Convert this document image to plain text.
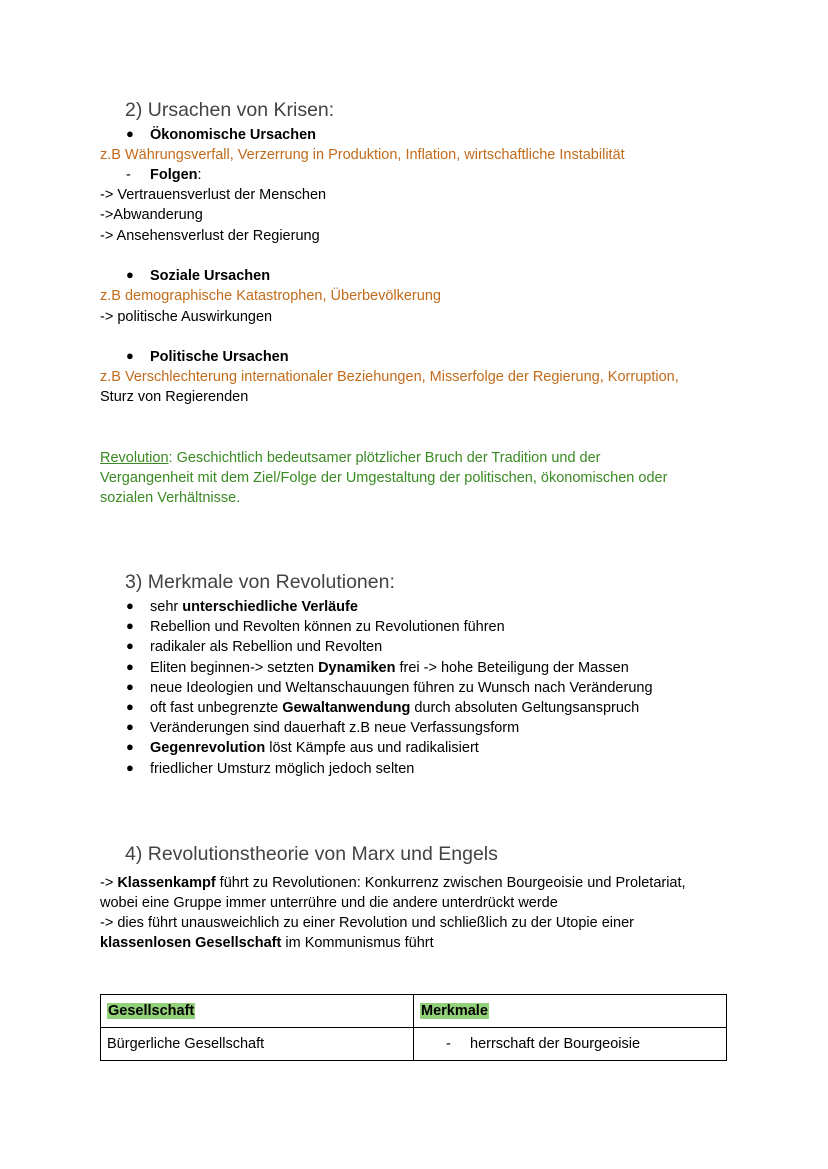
2) Ursachen von Krisen:
● Ökonomische Ursachen
z.B Währungsverfall, Verzerrung in Produktion, Inflation, wirtschaftliche Instabilität
- Folgen:
-> Vertrauensverlust der Menschen
->Abwanderung
-> Ansehensverlust der Regierung
● Soziale Ursachen
z.B demographische Katastrophen, Überbevölkerung
-> politische Auswirkungen
● Politische Ursachen
z.B Verschlechterung internationaler Beziehungen, Misserfolge der Regierung, Korruption,
Sturz von Regierenden
Revolution: Geschichtlich bedeutsamer plötzlicher Bruch der Tradition und der
Vergangenheit mit dem Ziel/Folge der Umgestaltung der politischen, ökonomischen oder
sozialen Verhältnisse.
3) Merkmale von Revolutionen:
● sehr unterschiedliche Verläufe
● Rebellion und Revolten können zu Revolutionen führen
● radikaler als Rebellion und Revolten
● Eliten beginnen-> setzten Dynamiken frei -> hohe Beteiligung der Massen
● neue Ideologien und Weltanschauungen führen zu Wunsch nach Veränderung
● oft fast unbegrenzte Gewaltanwendung durch absoluten Geltungsanspruch
● Veränderungen sind dauerhaft z.B neue Verfassungsform
● Gegenrevolution löst Kämpfe aus und radikalisiert
● friedlicher Umsturz möglich jedoch selten
4) Revolutionstheorie von Marx und Engels
-> Klassenkampf führt zu Revolutionen: Konkurrenz zwischen Bourgeoisie und Proletariat,
wobei eine Gruppe immer unterrühre und die andere unterdrückt werde
-> dies führt unausweichlich zu einer Revolution und schließlich zu der Utopie einer
klassenlosen Gesellschaft im Kommunismus führt
Gesellschaft	Merkmale
Bürgerliche Gesellschaft	- herrschaft der Bourgeoisie
